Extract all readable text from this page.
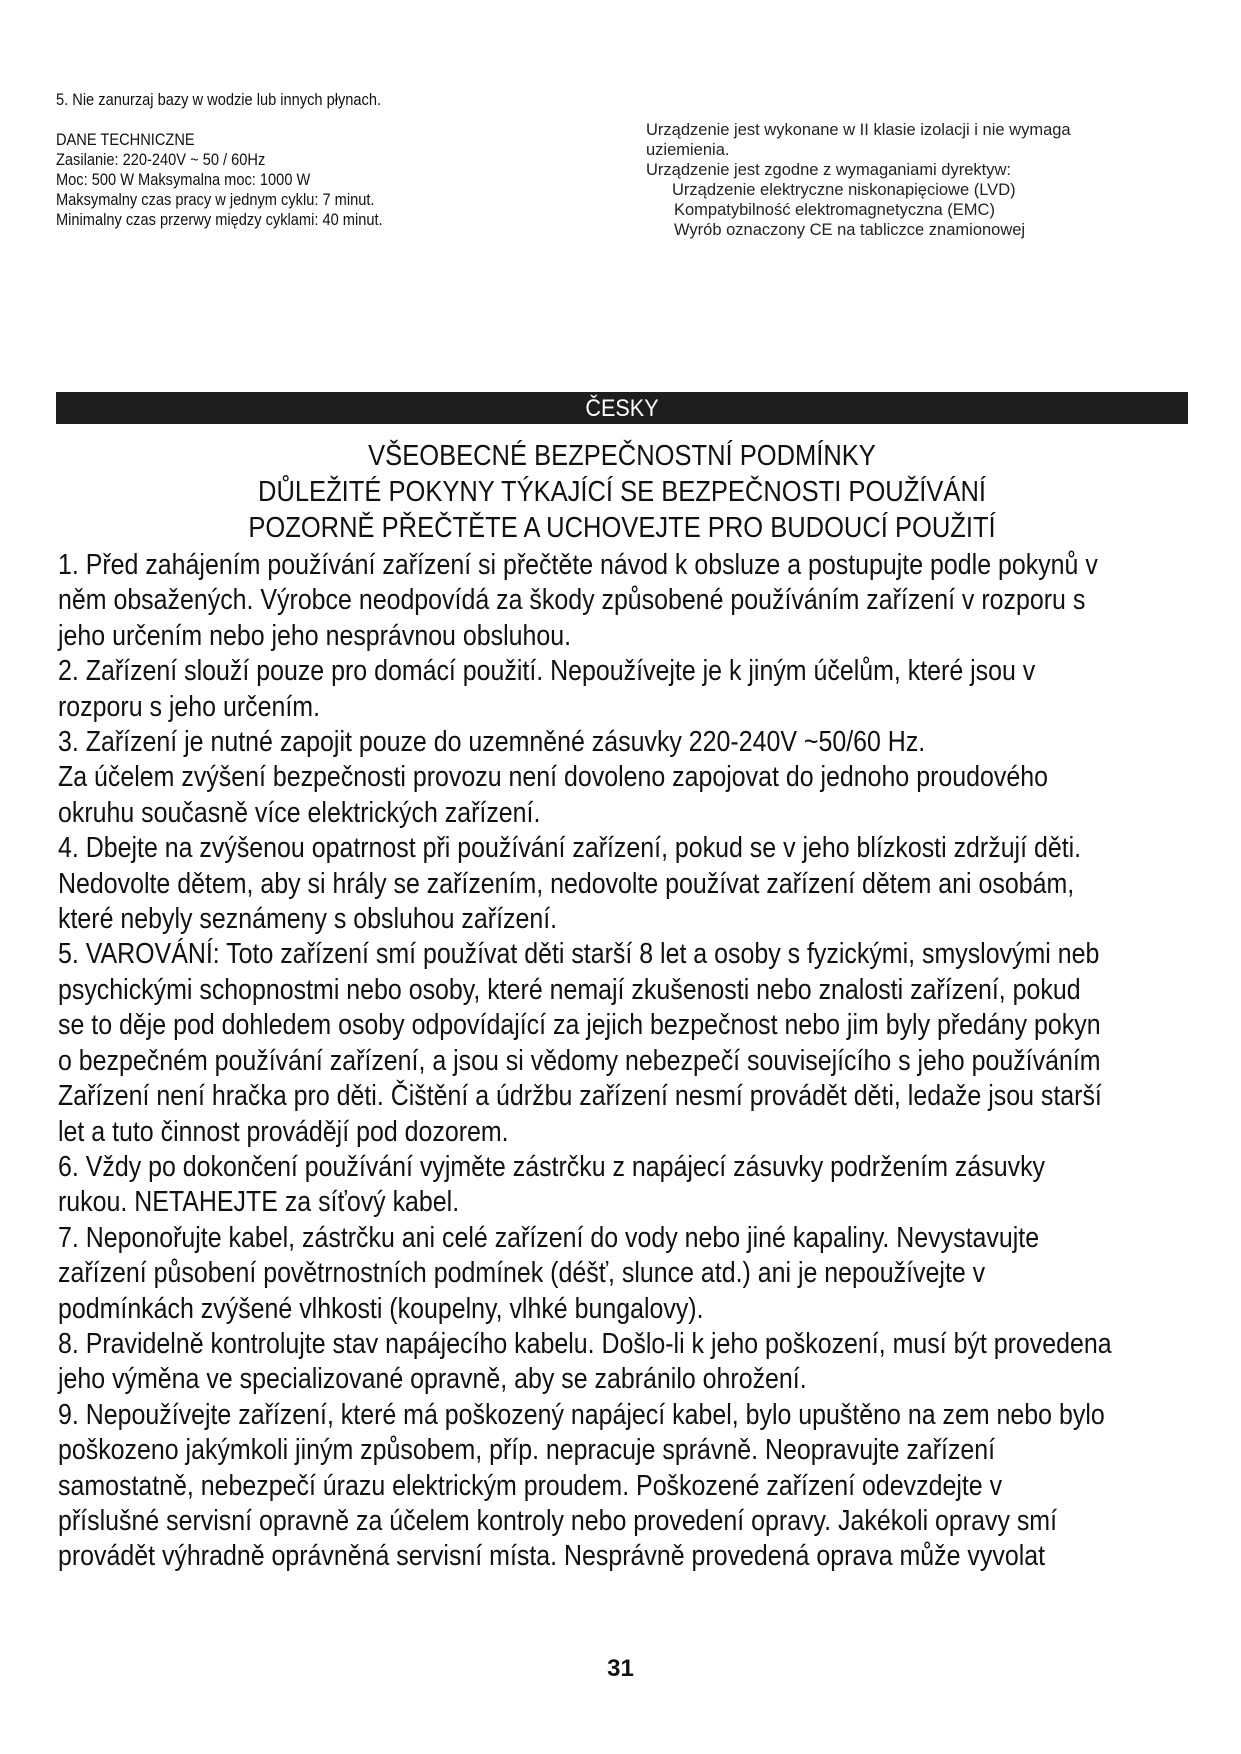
5. Nie zanurzaj bazy w wodzie lub innych płynach.
DANE TECHNICZNE
Zasilanie: 220-240V ~ 50 / 60Hz
Moc: 500 W Maksymalna moc: 1000 W
Maksymalny czas pracy w jednym cyklu: 7 minut.
Minimalny czas przerwy między cyklami: 40 minut.
Urządzenie jest wykonane w II klasie izolacji i nie wymaga
uziemienia.
Urządzenie jest zgodne z wymaganiami dyrektyw:
Urządzenie elektryczne niskonapięciowe (LVD)
Kompatybilność elektromagnetyczna (EMC)
Wyrób oznaczony CE na tabliczce znamionowej
ČESKY
VŠEOBECNÉ BEZPEČNOSTNÍ PODMÍNKY
DŮLEŽITÉ POKYNY TÝKAJÍCÍ SE BEZPEČNOSTI POUŽÍVÁNÍ
POZORNĚ PŘEČTĚTE A UCHOVEJTE PRO BUDOUCÍ POUŽITÍ
1. Před zahájením používání zařízení si přečtěte návod k obsluze a postupujte podle pokynů v
něm obsažených. Výrobce neodpovídá za škody způsobené používáním zařízení v rozporu s
jeho určením nebo jeho nesprávnou obsluhou.
2. Zařízení slouží pouze pro domácí použití. Nepoužívejte je k jiným účelům, které jsou v
rozporu s jeho určením.
3. Zařízení je nutné zapojit pouze do uzemněné zásuvky 220-240V ~50/60 Hz.
Za účelem zvýšení bezpečnosti provozu není dovoleno zapojovat do jednoho proudového
okruhu současně více elektrických zařízení.
4. Dbejte na zvýšenou opatrnost při používání zařízení, pokud se v jeho blízkosti zdržují děti.
Nedovolte dětem, aby si hrály se zařízením, nedovolte používat zařízení dětem ani osobám,
které nebyly seznámeny s obsluhou zařízení.
5. VAROVÁNÍ: Toto zařízení smí používat děti starší 8 let a osoby s fyzickými, smyslovými neb
psychickými schopnostmi nebo osoby, které nemají zkušenosti nebo znalosti zařízení, pokud
se to děje pod dohledem osoby odpovídající za jejich bezpečnost nebo jim byly předány pokyn
o bezpečném používání zařízení, a jsou si vědomy nebezpečí souvisejícího s jeho používáním
Zařízení není hračka pro děti. Čištění a údržbu zařízení nesmí provádět děti, ledaže jsou starší
let a tuto činnost provádějí pod dozorem.
6. Vždy po dokončení používání vyjměte zástrčku z napájecí zásuvky podržením zásuvky
rukou. NETAHEJTE za síťový kabel.
7. Neponořujte kabel, zástrčku ani celé zařízení do vody nebo jiné kapaliny. Nevystavujte
zařízení působení povětrnostních podmínek (déšť, slunce atd.) ani je nepoužívejte v
podmínkách zvýšené vlhkosti (koupelny, vlhké bungalovy).
8. Pravidelně kontrolujte stav napájecího kabelu. Došlo-li k jeho poškození, musí být provedena
jeho výměna ve specializované opravně, aby se zabránilo ohrožení.
9. Nepoužívejte zařízení, které má poškozený napájecí kabel, bylo upuštěno na zem nebo bylo
poškozeno jakýmkoli jiným způsobem, příp. nepracuje správně. Neopravujte zařízení
samostatně, nebezpečí úrazu elektrickým proudem. Poškozené zařízení odevzdejte v
příslušné servisní opravně za účelem kontroly nebo provedení opravy. Jakékoli opravy smí
provádět výhradně oprávněná servisní místa. Nesprávně provedená oprava může vyvolat
31
